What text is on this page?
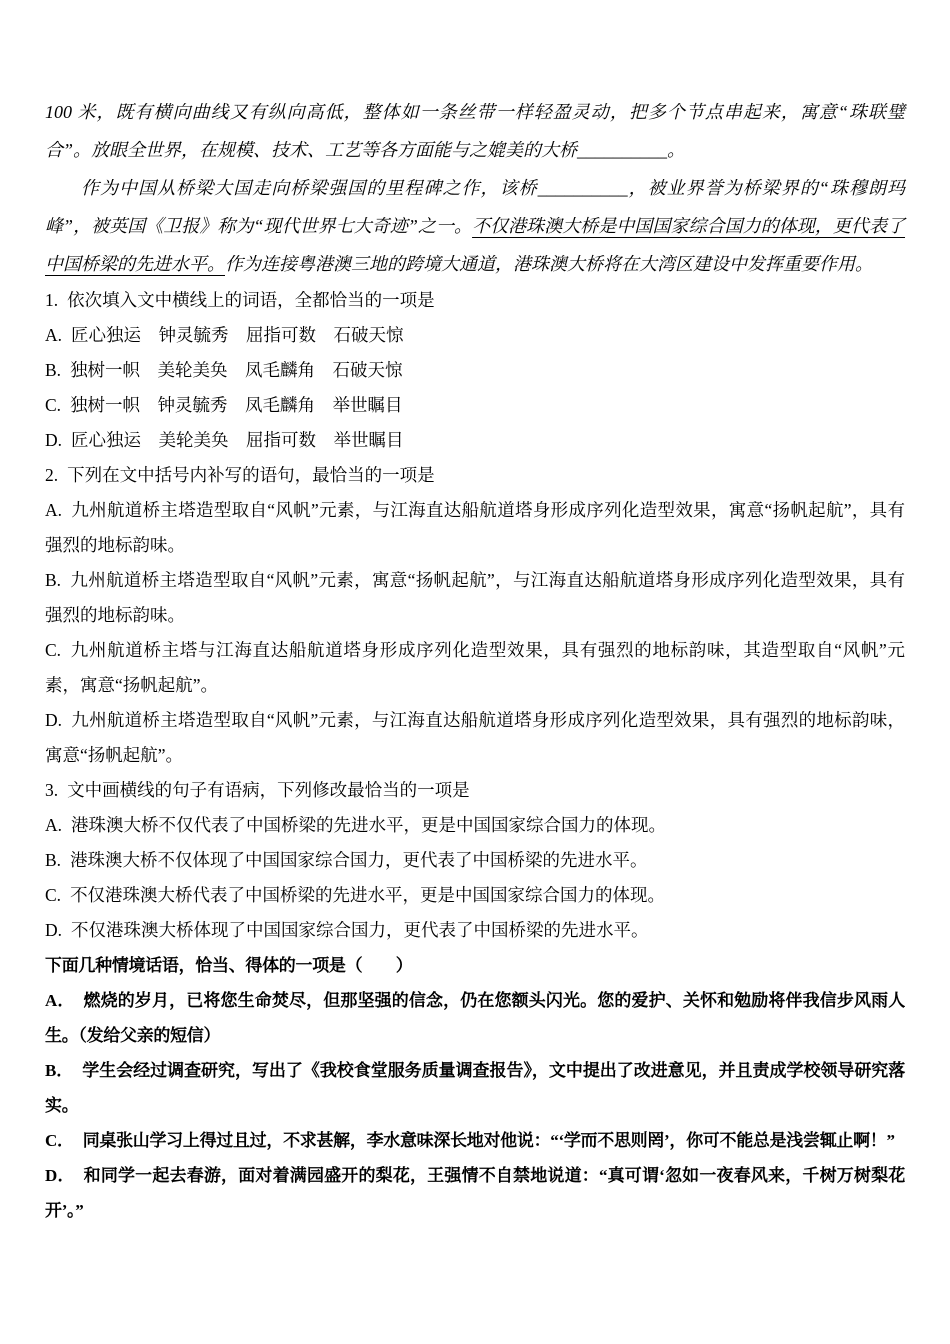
100 米，既有横向曲线又有纵向高低，整体如一条丝带一样轻盈灵动，把多个节点串起来，寓意“珠联璧合”。放眼全世界，在规模、技术、工艺等各方面能与之媲美的大桥__________。

作为中国从桥梁大国走向桥梁强国的里程碑之作，该桥__________，被业界誉为桥梁界的“珠穆朗玛峰”，被英国《卫报》称为“现代世界七大奇迹”之一。不仅港珠澳大桥是中国国家综合国力的体现，更代表了中国桥梁的先进水平。作为连接粤港澳三地的跨境大通道，港珠澳大桥将在大湾区建设中发挥重要作用。

1. 依次填入文中横线上的词语，全都恰当的一项是

A. 匠心独运　钟灵毓秀　屈指可数　石破天惊

B. 独树一帜　美轮美奂　凤毛麟角　石破天惊

C. 独树一帜　钟灵毓秀　凤毛麟角　举世瞩目

D. 匠心独运　美轮美奂　屈指可数　举世瞩目

2. 下列在文中括号内补写的语句，最恰当的一项是

A. 九州航道桥主塔造型取自“风帆”元素，与江海直达船航道塔身形成序列化造型效果，寓意“扬帆起航”，具有强烈的地标韵味。

B. 九州航道桥主塔造型取自“风帆”元素，寓意“扬帆起航”，与江海直达船航道塔身形成序列化造型效果，具有强烈的地标韵味。

C. 九州航道桥主塔与江海直达船航道塔身形成序列化造型效果，具有强烈的地标韵味，其造型取自“风帆”元素，寓意“扬帆起航”。

D. 九州航道桥主塔造型取自“风帆”元素，与江海直达船航道塔身形成序列化造型效果，具有强烈的地标韵味，寓意“扬帆起航”。

3. 文中画横线的句子有语病，下列修改最恰当的一项是

A. 港珠澳大桥不仅代表了中国桥梁的先进水平，更是中国国家综合国力的体现。

B. 港珠澳大桥不仅体现了中国国家综合国力，更代表了中国桥梁的先进水平。

C. 不仅港珠澳大桥代表了中国桥梁的先进水平，更是中国国家综合国力的体现。

D. 不仅港珠澳大桥体现了中国国家综合国力，更代表了中国桥梁的先进水平。

下面几种情境话语，恰当、得体的一项是（　　）

A． 燃烧的岁月，已将您生命焚尽，但那坚强的信念，仍在您额头闪光。您的爱护、关怀和勉励将伴我信步风雨人生。（发给父亲的短信）

B． 学生会经过调查研究，写出了《我校食堂服务质量调查报告》，文中提出了改进意见，并且责成学校领导研究落实。

C． 同桌张山学习上得过且过，不求甚解，李水意味深长地对他说：“‘学而不思则罔’，你可不能总是浅尝辄止啊！”

D． 和同学一起去春游，面对着满园盛开的梨花，王强情不自禁地说道：“真可谓‘忽如一夜春风来，千树万树梨花开’。”
